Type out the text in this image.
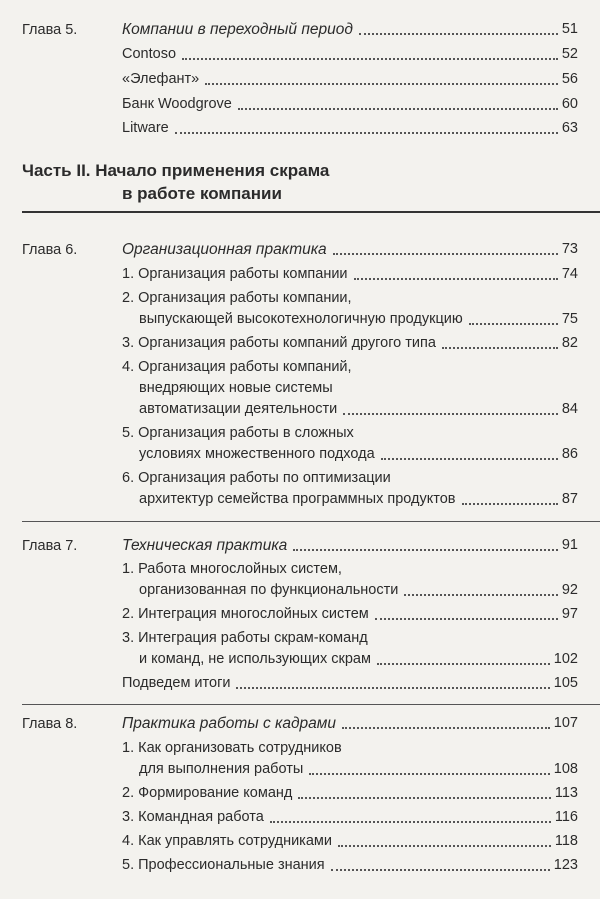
Глава 5.	Компании в переходный период	51
Contoso	52
«Элефант»	56
Банк Woodgrove	60
Litware	63
Часть II. Начало применения скрама
в работе компании
Глава 6.	Организационная практика	73
1. Организация работы компании	74
2. Организация работы компании,
выпускающей высокотехнологичную продукцию	75
3. Организация работы компаний другого типа	82
4. Организация работы компаний,
внедряющих новые системы
автоматизации деятельности	84
5. Организация работы в сложных
условиях множественного подхода	86
6. Организация работы по оптимизации
архитектур семейства программных продуктов	87
Глава 7.	Техническая практика	91
1. Работа многослойных систем,
организованная по функциональности	92
2. Интеграция многослойных систем	97
3. Интеграция работы скрам-команд
и команд, не использующих скрам	102
Подведем итоги	105
Глава 8.	Практика работы с кадрами	107
1. Как организовать сотрудников
для выполнения работы	108
2. Формирование команд	113
3. Командная работа	116
4. Как управлять сотрудниками	118
5. Профессиональные знания	123
